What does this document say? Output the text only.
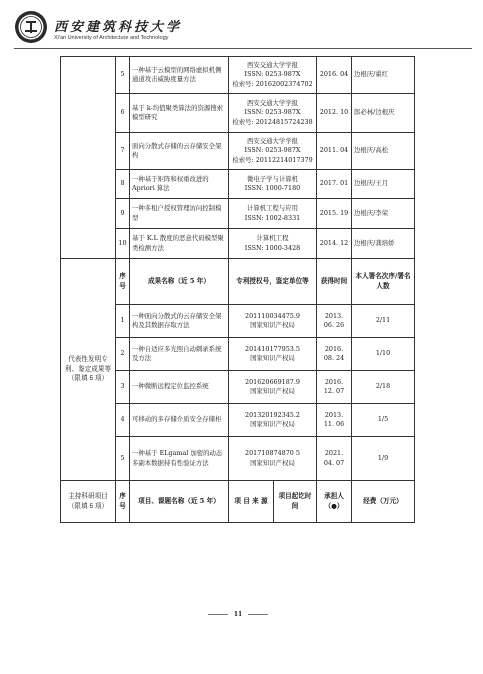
西安建筑科技大学
Xi'an University of Architecture and Technology
	5	一种基于云模型的网络虚拟机侧通道攻击威胁度量方法	西安交通大学学报
ISSN: 0253-987X
检索号: 20162002374702		2016. 04	边根庆/翟红
	6	基于 k-均值聚类算法的资源搜索模型研究	西安交通大学学报
ISSN: 0253-987X
检索号: 20124815724238		2012. 10	郎必林/边根庆
	7	面向分散式存储的云存储安全架构	西安交通大学学报
ISSN: 0253-987X
检索号: 20112214017379		2011. 04	边根庆/高松
	8	一种基于矩阵和权重改进的 Apriori 算法	微电子学与计算机
ISSN: 1000-7180		2017. 01	边根庆/王月
	9	一种多租户授权管理访问控制模型	计算机工程与应用
ISSN: 1002-8331		2015. 19	边根庆/李荣
	10	基于 K.L 散度的恶意代码模型聚类检测方法	计算机工程
ISSN: 1000-3428		2014. 12	边根庆/龚培娇
代表性发明专利、鉴定成果等（限填 5 项）	序号	成果名称（近 5 年）	专利授权号，鉴定单位等		获得时间	本人署名次序/署名人数
	1	一种面向分散式的云存储安全架构及其数据存取方法	201110034475.9
国家知识产权局		2013. 06. 26	2/11
	2	一种自适应多光照自动刺录系统及方法	201410177953.5
国家知识产权局		2016. 08. 24	1/10
	3	一种微断远程定位监控系统	201620669187.9
国家知识产权局		2016. 12. 07	2/18
	4	可移动的多存储介质安全存储柜	201320192345.2
国家知识产权局		2013. 11. 06	1/5
	5	一种基于 ELgamal 加密的动态多副本数据持有性验证方法	201710874870 5
国家知识产权局		2021. 04. 07	1/9
主持科研项目（限填 5 项）	序号	项目、课题名称（近 5 年）	项 目 来 源	项目起讫时间	承担人（●）	经费（万元）
11
